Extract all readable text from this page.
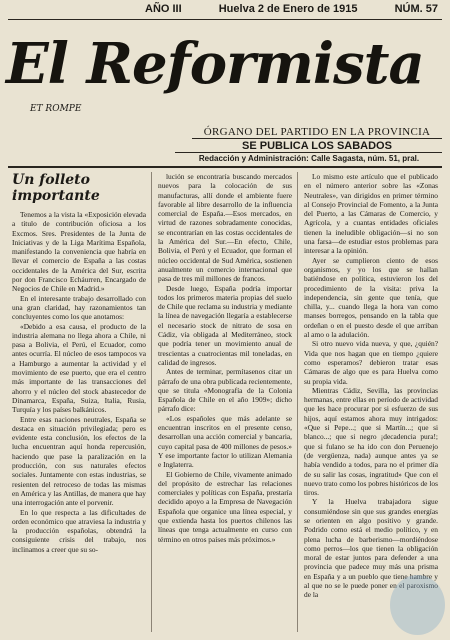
AÑO III	Huelva 2 de Enero de 1915	NÚM. 57
El Reformista
ET ROMPE
ÓRGANO DEL PARTIDO EN LA PROVINCIA
SE PUBLICA LOS SABADOS
Redacción y Administración: Calle Sagasta, núm. 51, pral.
Un folleto importante

Tenemos a la vista la «Exposición elevada a título de contribución oficiosa a los Excmos. Sres. Presidentes de la Junta de Iniciativas y de la Liga Marítima Española, manifestando la conveniencia que habría en llevar el comercio de España a las costas occidentales de la América del Sur, escrita por don Francisco Echáurren, Encargado de Negocios de Chile en Madrid.»

En el interesante trabajo desarrollado con una gran claridad, hay razonamientos tan concluyentes como los que anotamos:

«Debido a esa causa, el producto de la industria alemana no llega ahora a Chile, ni pasa a Bolivia, el Perú, el Ecuador, como antes ocurría. El núcleo de esos tampocos va a Hamburgo a aumentar la actividad y el movimiento de ese puerto, que era el centro más importante de las transacciones del ahorro y el núcleo del stock abastecedor de Dinamarca, España, Suiza, Italia, Rusia, Turquía y los países balkánicos.

Entre esas naciones neutrales, España se destaca en situación privilegiada; pero es evidente esta conclusión, los efectos de la lucha encuentran aquí honda repercusión, haciendo que pase la paralización en la producción, con sus naturales efectos sociales. Juntamente con estas industrias, se resienten del retroceso de todas las mismas en América y las Antillas, de manera que hay una interrogación ante el porvenir.

En lo que respecta a las dificultades de orden económico que atraviesa la industria y la producción españolas, obtendrá la consiguiente crisis del trabajo, nos inclinamos a creer que su so-

lución se encontraría buscando mercados nuevos para la colocación de sus manufacturas, allí donde el ambiente fuere favorable al libre desarrollo de la influencia comercial de España.—Esos mercados, en virtud de razones sobradamente conocidas, se encontrarían en las costas occidentales de la América del Sur.—En efecto, Chile, Bolivia, el Perú y el Ecuador, que forman el núcleo occidental de Sud América, sostienen anualmente un comercio internacional que pasa de tres mil millones de francos.

Desde luego, España podría importar todos los primeros materia propias del suelo de Chile que reclama su industria y mediante la línea de navegación llegaría a establecerse el necesario stock de nitrato de sosa en Cádiz, vía obligada al Mediterráneo, stock que podría tener un movimiento anual de trescientas a cuatrocientas mil toneladas, en calidad de ingresos.

Antes de terminar, permítasenos citar un párrafo de una obra publicada recientemente, que se titula «Monografía de la Colonia Española de Chile en el año 1909»; dicho párrafo dice:

«Los españoles que más adelante se encuentran inscritos en el presente censo, desarrollan una acción comercial y bancaria, cuyo capital pasa de 400 millones de pesos.» Y ese importante factor lo utilizan Alemania e Inglaterra.

El Gobierno de Chile, vivamente animado del propósito de estrechar las relaciones comerciales y políticas con España, prestaría decidido apoyo a la Empresa de Navegación Española que organice una línea especial, y que extienda hasta los puertos chilenos las líneas que tenga actualmente en curso con término en otros países más próximos.»

Lo mismo este artículo que el publicado en el número anterior sobre las «Zonas Neutrales», van dirigidos en primer término al Consejo Provincial de Fomento, a la Junta del Puerto, a las Cámaras de Comercio, y Agrícola, y a cuantas entidades oficiales tienen la ineludible obligación—si no son una farsa—de estudiar estos problemas para interesar a la opinión.

Ayer se cumplieron ciento de esos organismos, y yo los que se hallan batiéndose en política, estuvieron los del procedimiento de la visita: priva la independencia, sin gente que tenía, que chilla, y... cuando llega la hora van como manses borregos, pensando en la tabla que ordeñan o en el puesto desde el que arriban al amo o la adulación.

Si otro nuevo vida nueva, y que, ¿quién? Vida que nos hagan que en tiempo ¿quiere como esperamos? debieron tratar esas Cámaras de algo que es para Huelva como su propia vida.

Mientras Cádiz, Sevilla, las provincias hermanas, entre ellas en período de actividad que les hace procurar por si esfuerzo de sus hijos, aquí estamos ahora muy intrigados: «Que si Pepe...; que si Martín...; que si blanco...; que si negro ¡decadencia pura!; que si fulano se ha ido con don Peruenejo (de vergüenza, nada) aunque antes ya se había vendido a todos, para no el primer día de su salir las cosas, ingratitud» Que con el nuevo trato como los pobres históricos de los tiros.

Y la Huelva trabajadora sigue consumiéndose sin que sus grandes energías se orienten en algo positivo y grande. Podrido como está el medio político, y en plena lucha de barberismo—mordiéndose como perros—los que tienen la obligación moral de estar juntos para defender a una provincia que padece muy más una prisma en España y a un pueblo que tiene hambre y al que no se le puede poner en el paroxismo de la
